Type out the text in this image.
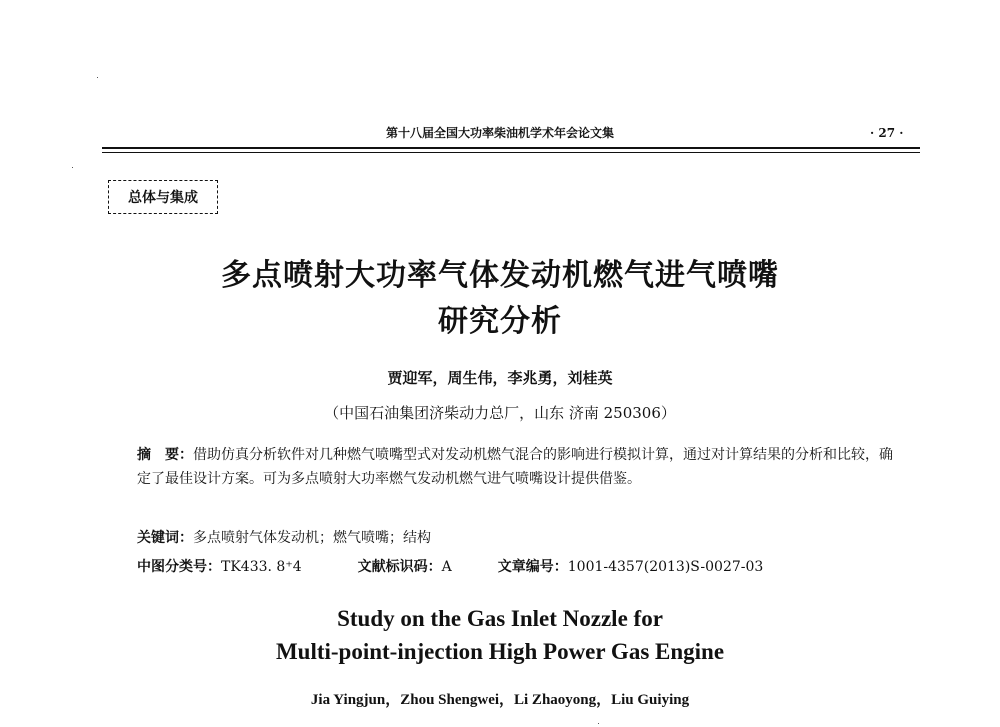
第十八届全国大功率柴油机学术年会论文集	· 27 ·
总体与集成
多点喷射大功率气体发动机燃气进气喷嘴
研究分析
贾迎军，周生伟，李兆勇，刘桂英
（中国石油集团济柴动力总厂，山东 济南 250306）
摘　要：借助仿真分析软件对几种燃气喷嘴型式对发动机燃气混合的影响进行模拟计算，通过对计算结果的分析和比较，确定了最佳设计方案。可为多点喷射大功率燃气发动机燃气进气喷嘴设计提供借鉴。
关键词：多点喷射气体发动机；燃气喷嘴；结构
中图分类号：TK433. 8⁺4	文献标识码：A	文章编号：1001-4357(2013)S-0027-03
Study on the Gas Inlet Nozzle for
Multi-point-injection High Power Gas Engine
Jia Yingjun，Zhou Shengwei，Li Zhaoyong，Liu Guiying
